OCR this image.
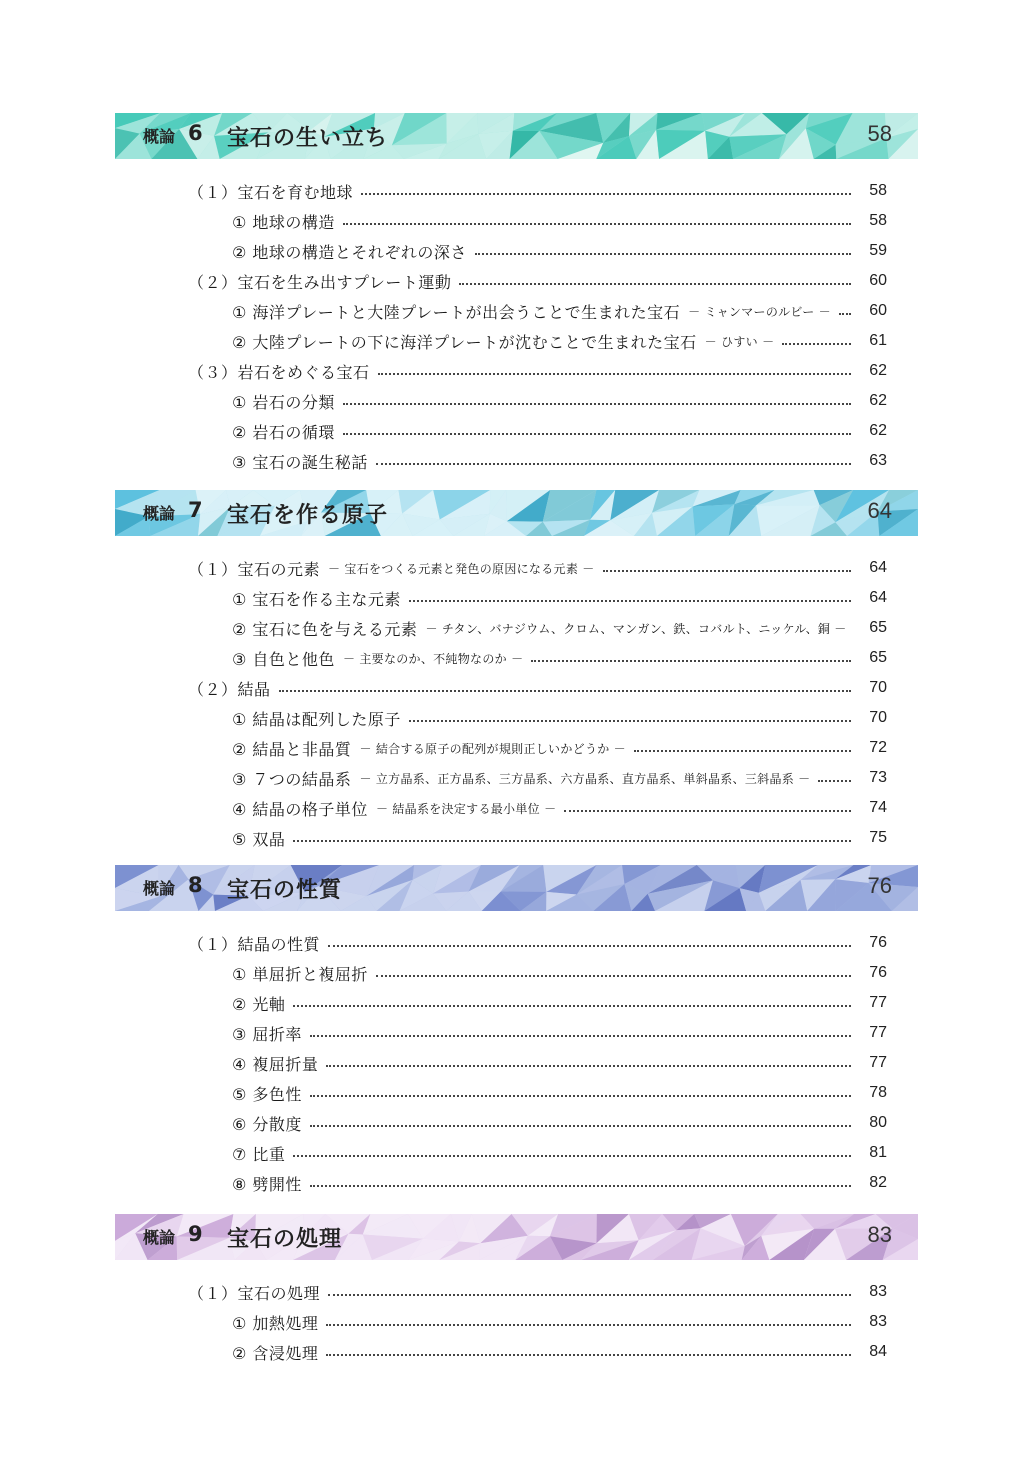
概論 6 宝石の生い立ち	58
（１）宝石を育む地球	58
① 地球の構造	58
② 地球の構造とそれぞれの深さ	59
（２）宝石を生み出すプレート運動	60
① 海洋プレートと大陸プレートが出会うことで生まれた宝石 － ミャンマーのルビー －	60
② 大陸プレートの下に海洋プレートが沈むことで生まれた宝石 － ひすい －	61
（３）岩石をめぐる宝石	62
① 岩石の分類	62
② 岩石の循環	62
③ 宝石の誕生秘話	63
概論 7 宝石を作る原子	64
（１）宝石の元素 － 宝石をつくる元素と発色の原因になる元素 －	64
① 宝石を作る主な元素	64
② 宝石に色を与える元素 － チタン、バナジウム、クロム、マンガン、鉄、コバルト、ニッケル、銅 －	65
③ 自色と他色 － 主要なのか、不純物なのか －	65
（２）結晶	70
① 結晶は配列した原子	70
② 結晶と非晶質 － 結合する原子の配列が規則正しいかどうか －	72
③ ７つの結晶系 － 立方晶系、正方晶系、三方晶系、六方晶系、直方晶系、単斜晶系、三斜晶系 －	73
④ 結晶の格子単位 － 結晶系を決定する最小単位 －	74
⑤ 双晶	75
概論 8 宝石の性質	76
（１）結晶の性質	76
① 単屈折と複屈折	76
② 光軸	77
③ 屈折率	77
④ 複屈折量	77
⑤ 多色性	78
⑥ 分散度	80
⑦ 比重	81
⑧ 劈開性	82
概論 9 宝石の処理	83
（１）宝石の処理	83
① 加熱処理	83
② 含浸処理	84
